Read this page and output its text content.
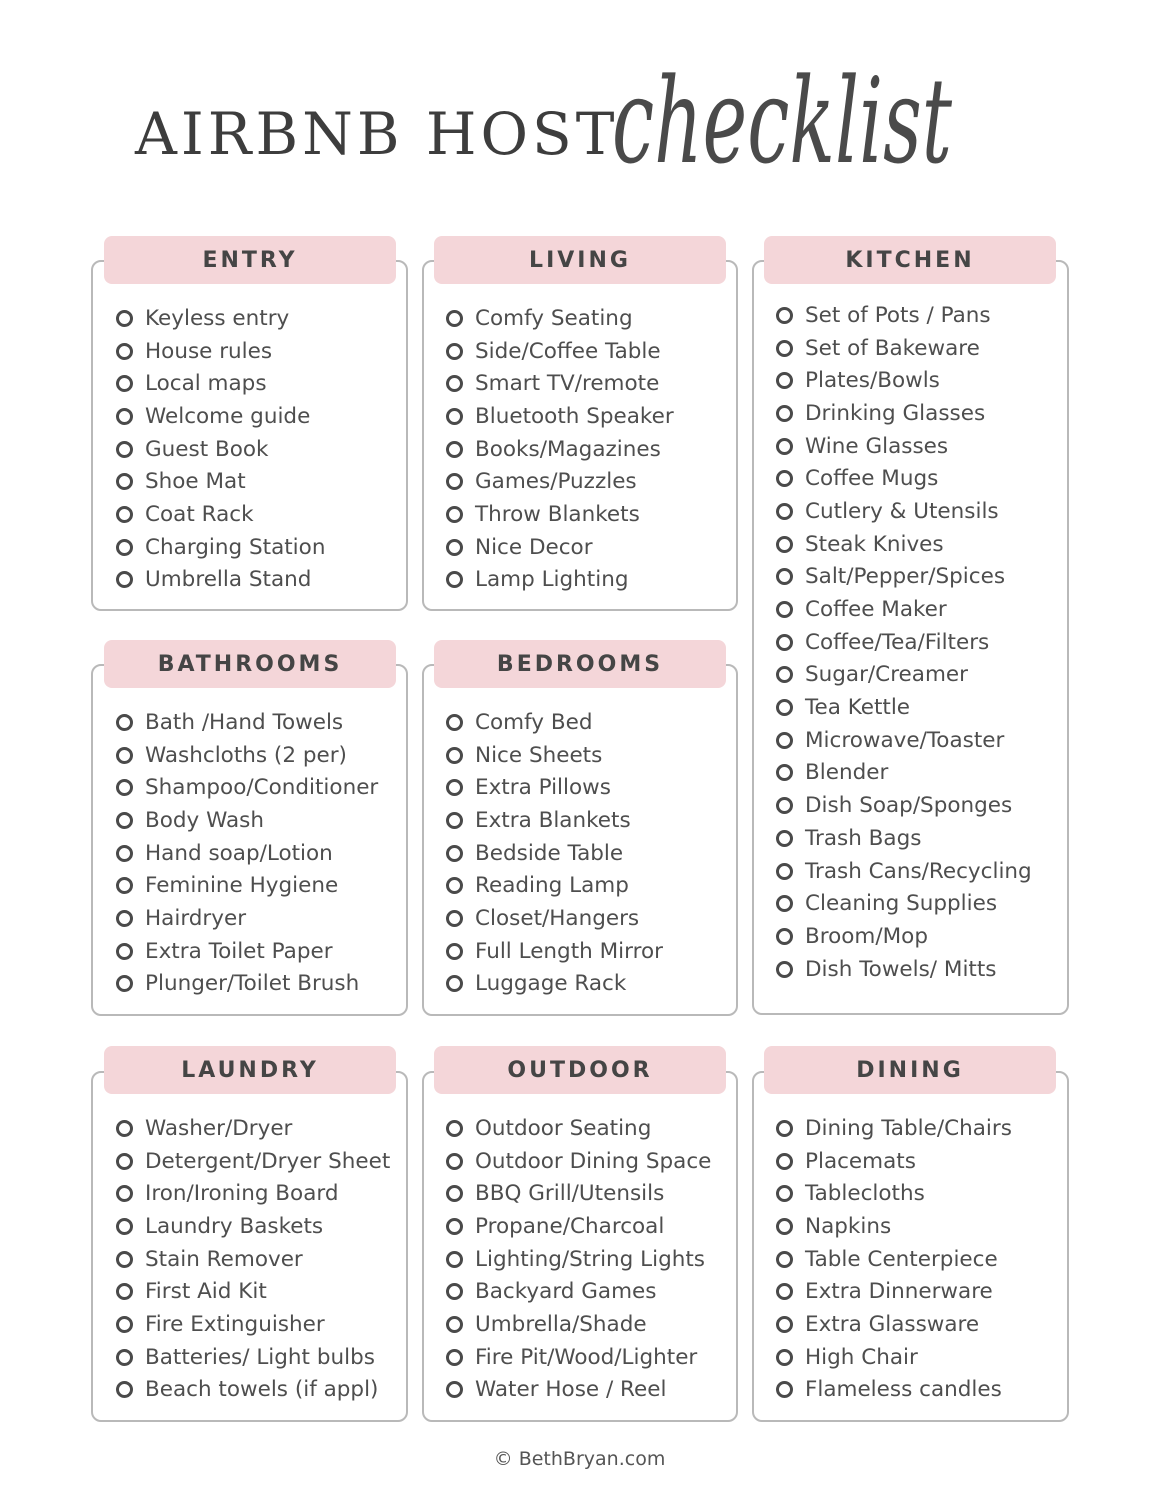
AIRBNB HOST
checklist
ENTRY
Keyless entry
House rules
Local maps
Welcome guide
Guest Book
Shoe Mat
Coat Rack
Charging Station
Umbrella Stand
LIVING
Comfy Seating
Side/Coffee Table
Smart TV/remote
Bluetooth Speaker
Books/Magazines
Games/Puzzles
Throw Blankets
Nice Decor
Lamp Lighting
KITCHEN
Set of Pots / Pans
Set of Bakeware
Plates/Bowls
Drinking Glasses
Wine Glasses
Coffee Mugs
Cutlery & Utensils
Steak Knives
Salt/Pepper/Spices
Coffee Maker
Coffee/Tea/Filters
Sugar/Creamer
Tea Kettle
Microwave/Toaster
Blender
Dish Soap/Sponges
Trash Bags
Trash Cans/Recycling
Cleaning Supplies
Broom/Mop
Dish Towels/ Mitts
BATHROOMS
Bath /Hand Towels
Washcloths (2 per)
Shampoo/Conditioner
Body Wash
Hand soap/Lotion
Feminine Hygiene
Hairdryer
Extra Toilet Paper
Plunger/Toilet Brush
BEDROOMS
Comfy Bed
Nice Sheets
Extra Pillows
Extra Blankets
Bedside Table
Reading Lamp
Closet/Hangers
Full Length Mirror
Luggage Rack
LAUNDRY
Washer/Dryer
Detergent/Dryer Sheet
Iron/Ironing Board
Laundry Baskets
Stain Remover
First Aid Kit
Fire Extinguisher
Batteries/ Light bulbs
Beach towels (if appl)
OUTDOOR
Outdoor Seating
Outdoor Dining Space
BBQ Grill/Utensils
Propane/Charcoal
Lighting/String Lights
Backyard Games
Umbrella/Shade
Fire Pit/Wood/Lighter
Water Hose / Reel
DINING
Dining Table/Chairs
Placemats
Tablecloths
Napkins
Table Centerpiece
Extra Dinnerware
Extra Glassware
High Chair
Flameless candles
© BethBryan.com
